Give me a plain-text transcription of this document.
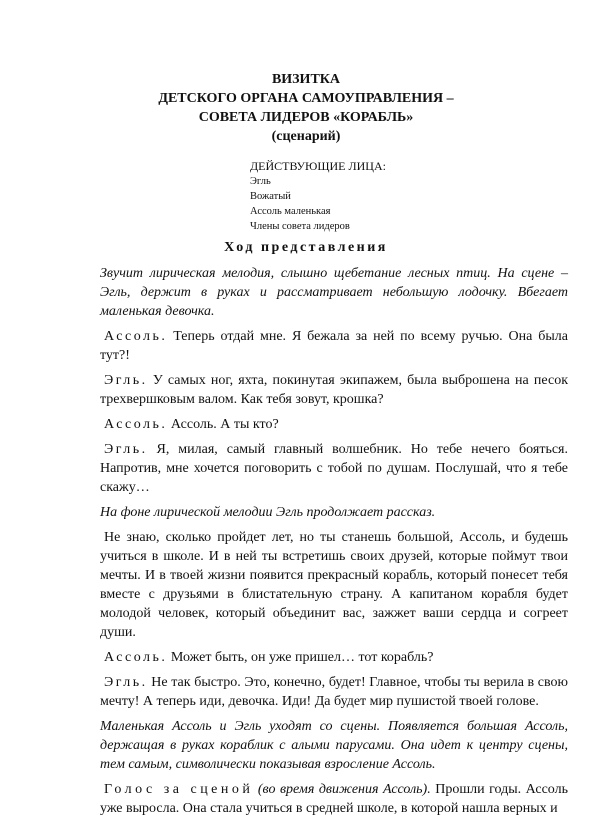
ВИЗИТКА
ДЕТСКОГО ОРГАНА САМОУПРАВЛЕНИЯ –
СОВЕТА ЛИДЕРОВ «КОРАБЛЬ»
(сценарий)
ДЕЙСТВУЮЩИЕ ЛИЦА:
Эгль
Вожатый
Ассоль маленькая
Члены совета лидеров
Ход представления

Звучит лирическая мелодия, слышно щебетание лесных птиц. На сцене – Эгль, держит в руках и рассматривает небольшую лодочку. Вбегает маленькая девочка.

Ассоль. Теперь отдай мне. Я бежала за ней по всему ручью. Она была тут?!

Эгль. У самых ног, яхта, покинутая экипажем, была выброшена на песок трехвершковым валом. Как тебя зовут, крошка?

Ассоль. Ассоль. А ты кто?

Эгль. Я, милая, самый главный волшебник. Но тебе нечего бояться. Напротив, мне хочется поговорить с тобой по душам. Послушай, что я тебе скажу…

На фоне лирической мелодии Эгль продолжает рассказ.

Не знаю, сколько пройдет лет, но ты станешь большой, Ассоль, и будешь учиться в школе. И в ней ты встретишь своих друзей, которые поймут твои мечты. И в твоей жизни появится прекрасный корабль, который понесет тебя вместе с друзьями в блистательную страну. А капитаном корабля будет молодой человек, который объединит вас, зажжет ваши сердца и согреет души.

Ассоль. Может быть, он уже пришел… тот корабль?

Эгль. Не так быстро. Это, конечно, будет! Главное, чтобы ты верила в свою мечту! А теперь иди, девочка. Иди! Да будет мир пушистой твоей голове.

Маленькая Ассоль и Эгль уходят со сцены. Появляется большая Ассоль, держащая в руках кораблик с алыми парусами. Она идет к центру сцены, тем самым, символически показывая взросление Ассоль.

Голос за сценой (во время движения Ассоль). Прошли годы. Ассоль уже выросла. Она стала учиться в средней школе, в которой нашла верных и
